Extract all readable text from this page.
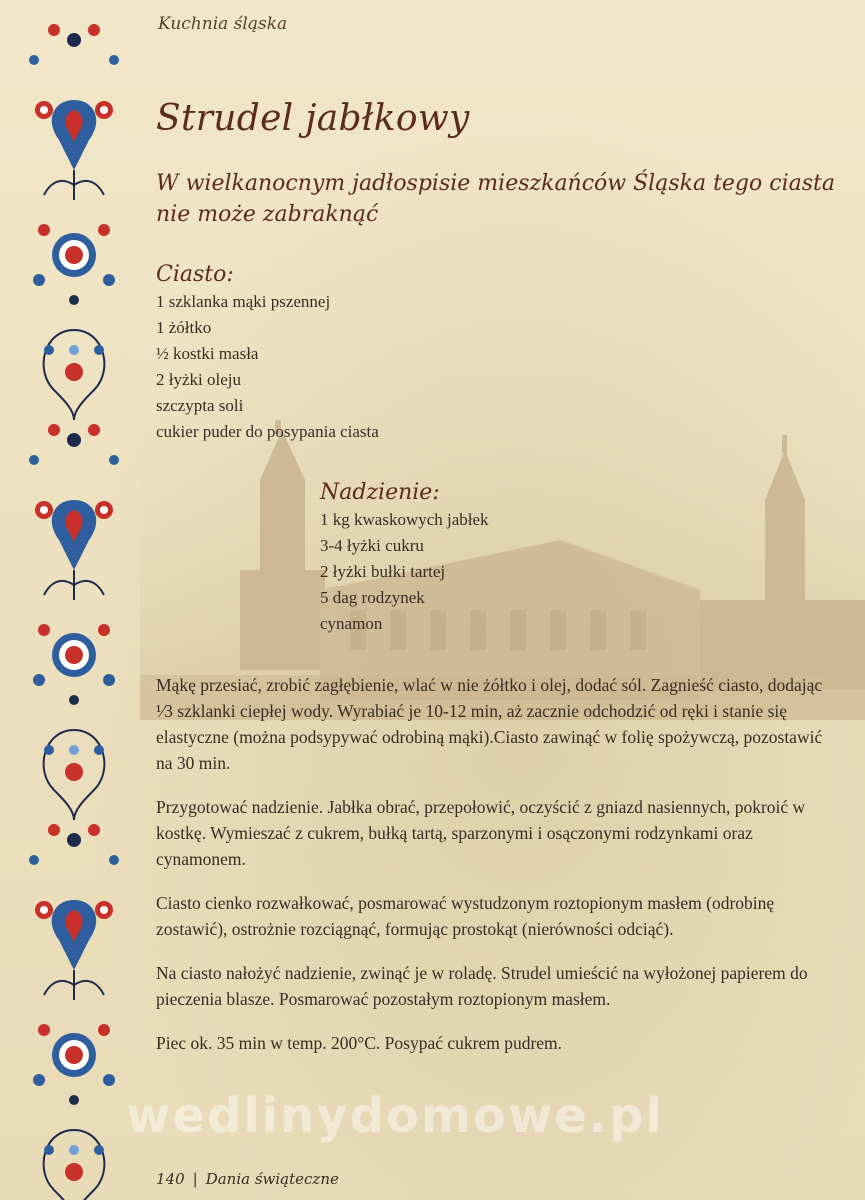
Kuchnia śląska
Strudel jabłkowy
W wielkanocnym jadłospisie mieszkańców Śląska tego ciasta nie może zabraknąć
Ciasto:
1 szklanka mąki pszennej
1 żółtko
½ kostki masła
2 łyżki oleju
szczypta soli
cukier puder do posypania ciasta
Nadzienie:
1 kg kwaskowych jabłek
3-4 łyżki cukru
2 łyżki bułki tartej
5 dag rodzynek
cynamon

Mąkę przesiać, zrobić zagłębienie, wlać w nie żółtko i olej, dodać sól. Zagnieść ciasto, dodając ¹⁄3 szklanki ciepłej wody. Wyrabiać je 10-12 min, aż zacznie odchodzić od ręki i stanie się elastyczne (można podsypywać odrobiną mąki).Ciasto zawinąć w folię spożywczą, pozostawić na 30 min.

Przygotować nadzienie. Jabłka obrać, przepołowić, oczyścić z gniazd nasiennych, pokroić w kostkę. Wymieszać z cukrem, bułką tartą, sparzonymi i osączonymi rodzynkami oraz cynamonem.

Ciasto cienko rozwałkować, posmarować wystudzonym roztopionym masłem (odrobinę zostawić), ostrożnie rozciągnąć, formując prostokąt (nierówności odciąć).

Na ciasto nałożyć nadzienie, zwinąć je w roladę. Strudel umieścić na wyłożonej papierem do pieczenia blasze. Posmarować pozostałym roztopionym masłem.

Piec ok. 35 min w temp. 200°C. Posypać cukrem pudrem.

wedlinydomowe.pl
140 | Dania świąteczne
